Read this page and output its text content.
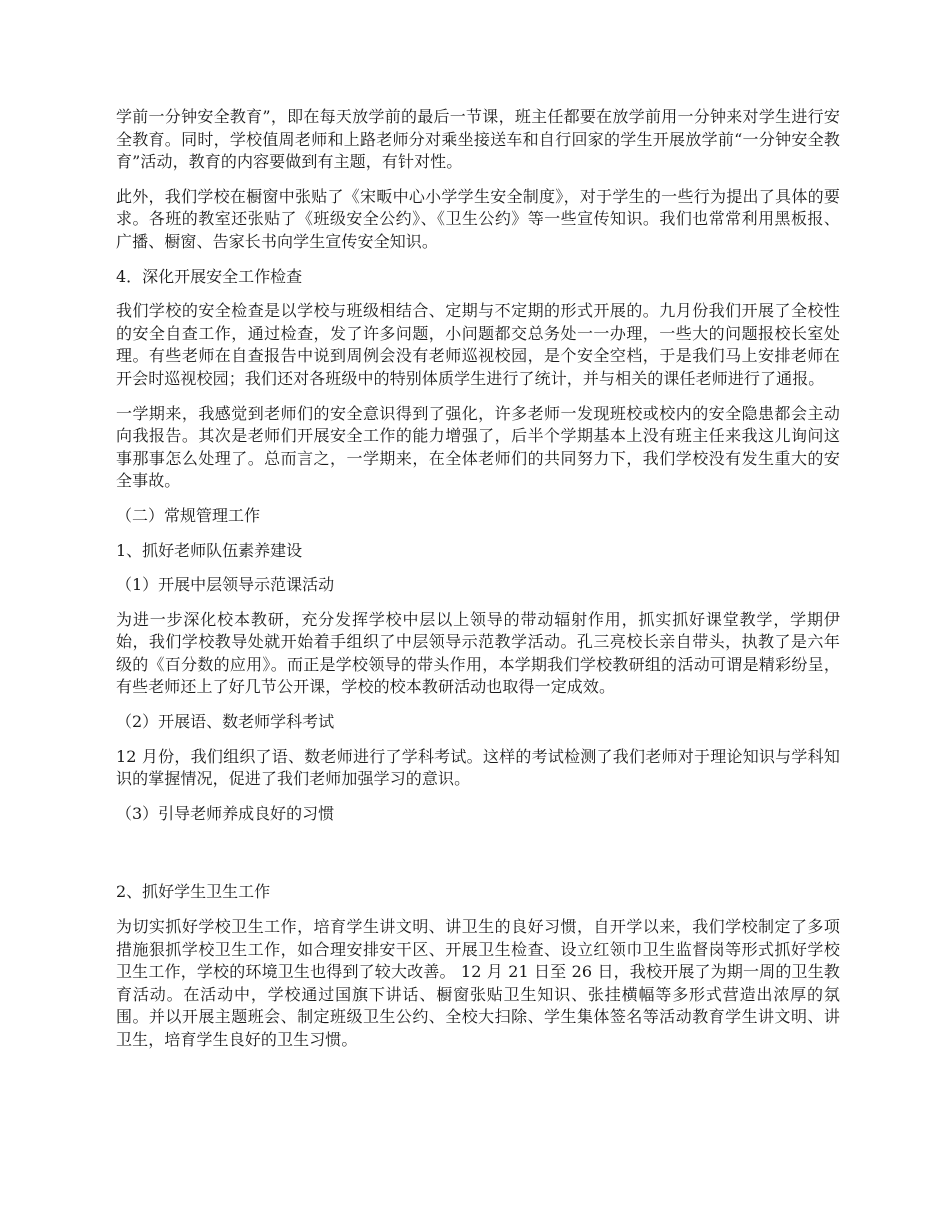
学前一分钟安全教育”，即在每天放学前的最后一节课，班主任都要在放学前用一分钟来对学生进行安全教育。同时，学校值周老师和上路老师分对乘坐接送车和自行回家的学生开展放学前“一分钟安全教育”活动，教育的内容要做到有主题，有针对性。

此外，我们学校在橱窗中张贴了《宋畈中心小学学生安全制度》，对于学生的一些行为提出了具体的要求。各班的教室还张贴了《班级安全公约》、《卫生公约》等一些宣传知识。我们也常常利用黑板报、广播、橱窗、告家长书向学生宣传安全知识。

4．深化开展安全工作检查

我们学校的安全检查是以学校与班级相结合、定期与不定期的形式开展的。九月份我们开展了全校性的安全自查工作，通过检查，发了许多问题，小问题都交总务处一一办理，一些大的问题报校长室处理。有些老师在自查报告中说到周例会没有老师巡视校园，是个安全空档，于是我们马上安排老师在开会时巡视校园；我们还对各班级中的特别体质学生进行了统计，并与相关的课任老师进行了通报。

一学期来，我感觉到老师们的安全意识得到了强化，许多老师一发现班校或校内的安全隐患都会主动向我报告。其次是老师们开展安全工作的能力增强了，后半个学期基本上没有班主任来我这儿询问这事那事怎么处理了。总而言之，一学期来，在全体老师们的共同努力下，我们学校没有发生重大的安全事故。

（二）常规管理工作

1、抓好老师队伍素养建设

（1）开展中层领导示范课活动

为进一步深化校本教研，充分发挥学校中层以上领导的带动辐射作用，抓实抓好课堂教学，学期伊始，我们学校教导处就开始着手组织了中层领导示范教学活动。孔三亮校长亲自带头，执教了是六年级的《百分数的应用》。而正是学校领导的带头作用，本学期我们学校教研组的活动可谓是精彩纷呈，有些老师还上了好几节公开课，学校的校本教研活动也取得一定成效。

（2）开展语、数老师学科考试

12 月份，我们组织了语、数老师进行了学科考试。这样的考试检测了我们老师对于理论知识与学科知识的掌握情况，促进了我们老师加强学习的意识。

（3）引导老师养成良好的习惯

2、抓好学生卫生工作

为切实抓好学校卫生工作，培育学生讲文明、讲卫生的良好习惯，自开学以来，我们学校制定了多项措施狠抓学校卫生工作，如合理安排安干区、开展卫生检查、设立红领巾卫生监督岗等形式抓好学校卫生工作，学校的环境卫生也得到了较大改善。 12 月 21 日至 26 日，我校开展了为期一周的卫生教育活动。在活动中，学校通过国旗下讲话、橱窗张贴卫生知识、张挂横幅等多形式营造出浓厚的氛围。并以开展主题班会、制定班级卫生公约、全校大扫除、学生集体签名等活动教育学生讲文明、讲卫生，培育学生良好的卫生习惯。
